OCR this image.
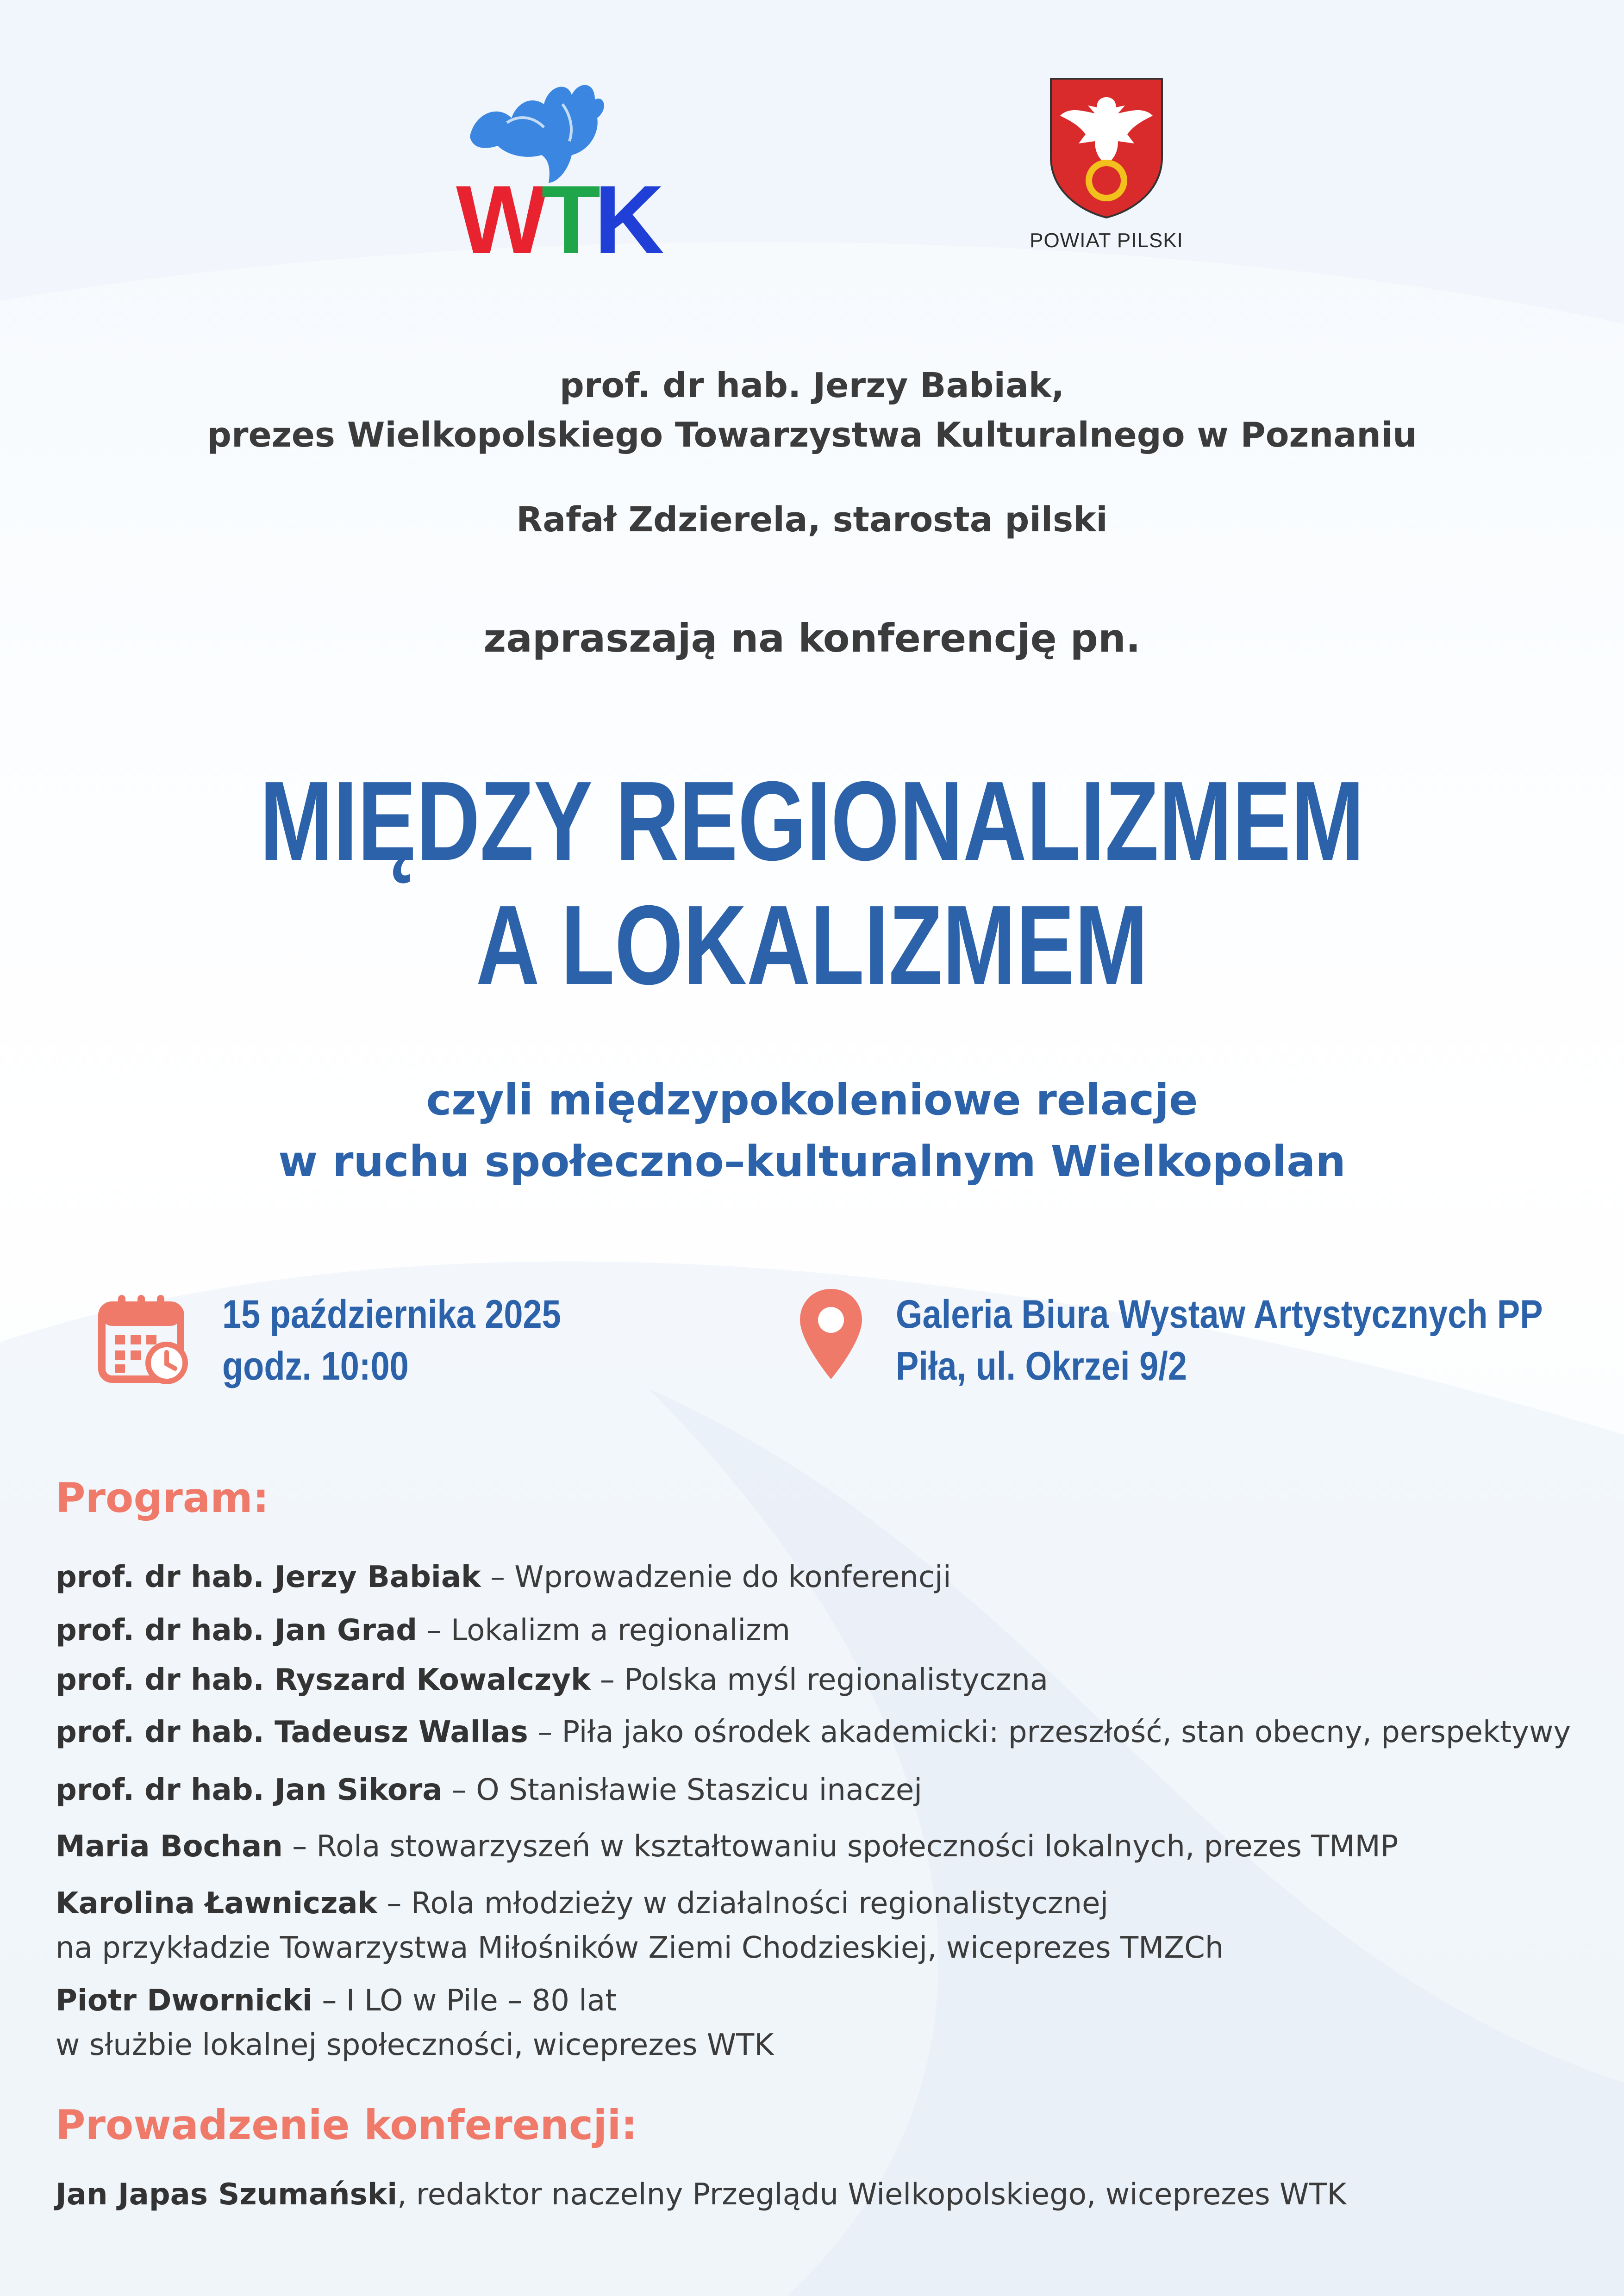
WTK	POWIAT PILSKI
prof. dr hab. Jerzy Babiak,
prezes Wielkopolskiego Towarzystwa Kulturalnego w Poznaniu
Rafał Zdzierela, starosta pilski
zapraszają na konferencję pn.
MIĘDZY REGIONALIZMEM
A LOKALIZMEM
czyli międzypokoleniowe relacje
w ruchu społeczno–kulturalnym Wielkopolan
15 października 2025
godz. 10:00
Galeria Biura Wystaw Artystycznych PP
Piła, ul. Okrzei 9/2
Program:
prof. dr hab. Jerzy Babiak – Wprowadzenie do konferencji
prof. dr hab. Jan Grad – Lokalizm a regionalizm
prof. dr hab. Ryszard Kowalczyk – Polska myśl regionalistyczna
prof. dr hab. Tadeusz Wallas – Piła jako ośrodek akademicki: przeszłość, stan obecny, perspektywy
prof. dr hab. Jan Sikora – O Stanisławie Staszicu inaczej
Maria Bochan – Rola stowarzyszeń w kształtowaniu społeczności lokalnych, prezes TMMP
Karolina Ławniczak – Rola młodzieży w działalności regionalistycznej
na przykładzie Towarzystwa Miłośników Ziemi Chodzieskiej, wiceprezes TMZCh
Piotr Dwornicki – I LO w Pile – 80 lat
w służbie lokalnej społeczności, wiceprezes WTK
Prowadzenie konferencji:
Jan Japas Szumański, redaktor naczelny Przeglądu Wielkopolskiego, wiceprezes WTK
